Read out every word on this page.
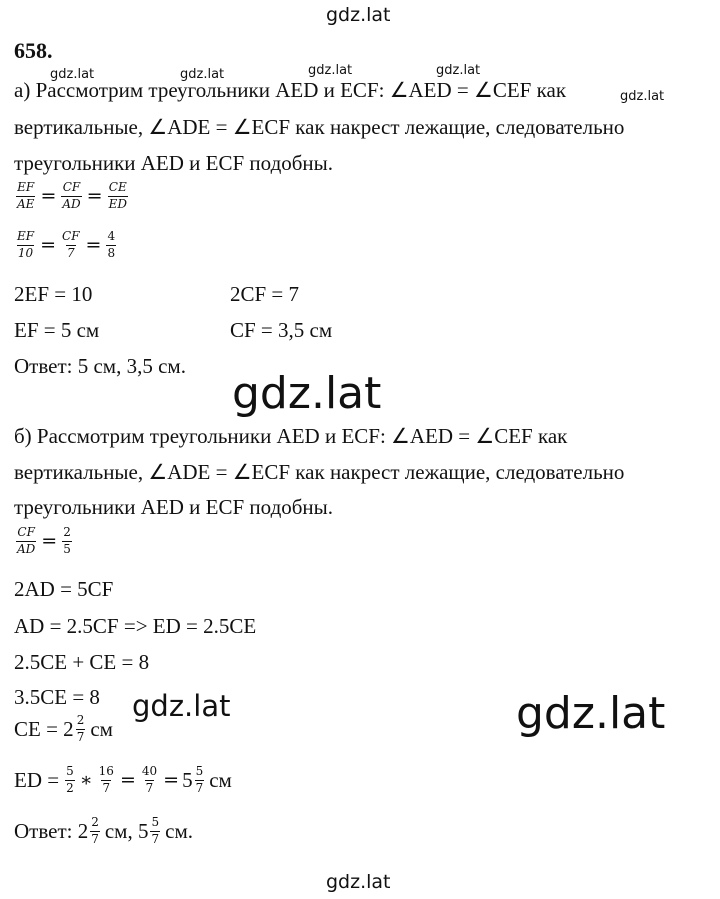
gdz.lat
gdz.lat	gdz.lat	gdz.lat	gdz.lat
gdz.lat
gdz.lat
gdz.lat	gdz.lat
gdz.lat
658.
а) Рассмотрим треугольники AED и ECF: ∠AED = ∠CEF как
вертикальные, ∠ADE = ∠ECF как накрест лежащие, следовательно
треугольники AED и ECF подобны.
$\frac{EF}{AE} = \frac{CF}{AD} = \frac{CE}{ED}$
$\frac{EF}{10} = \frac{CF}{7} = \frac{4}{8}$
2EF = 10	2CF = 7
EF = 5 см	CF = 3,5 см
Ответ: 5 см, 3,5 см.
б) Рассмотрим треугольники AED и ECF: ∠AED = ∠CEF как
вертикальные, ∠ADE = ∠ECF как накрест лежащие, следовательно
треугольники AED и ECF подобны.
$\frac{CF}{AD} = \frac{2}{5}$
2AD = 5CF
AD = 2.5CF => ED = 2.5CE
2.5CE + CE = 8
3.5CE = 8
CE = $2 \frac{2}{7}$ см
ED = $\frac{5}{2}$ ∗ $\frac{16}{7} = \frac{40}{7} = 5 \frac{5}{7}$ см
Ответ: $2 \frac{2}{7}$ см, $5 \frac{5}{7}$ см.
